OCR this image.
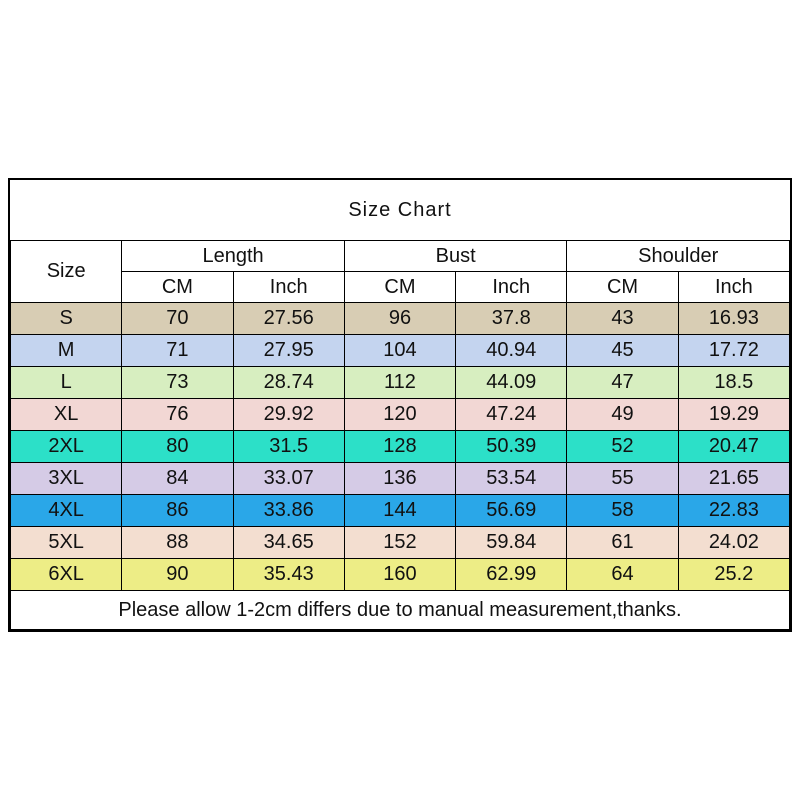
Size Chart						
Size	Length		Bust		Shoulder	
	CM	Inch	CM	Inch	CM	Inch
S	70	27.56	96	37.8	43	16.93
M	71	27.95	104	40.94	45	17.72
L	73	28.74	112	44.09	47	18.5
XL	76	29.92	120	47.24	49	19.29
2XL	80	31.5	128	50.39	52	20.47
3XL	84	33.07	136	53.54	55	21.65
4XL	86	33.86	144	56.69	58	22.83
5XL	88	34.65	152	59.84	61	24.02
6XL	90	35.43	160	62.99	64	25.2
Please allow 1-2cm differs due to manual measurement,thanks.						
